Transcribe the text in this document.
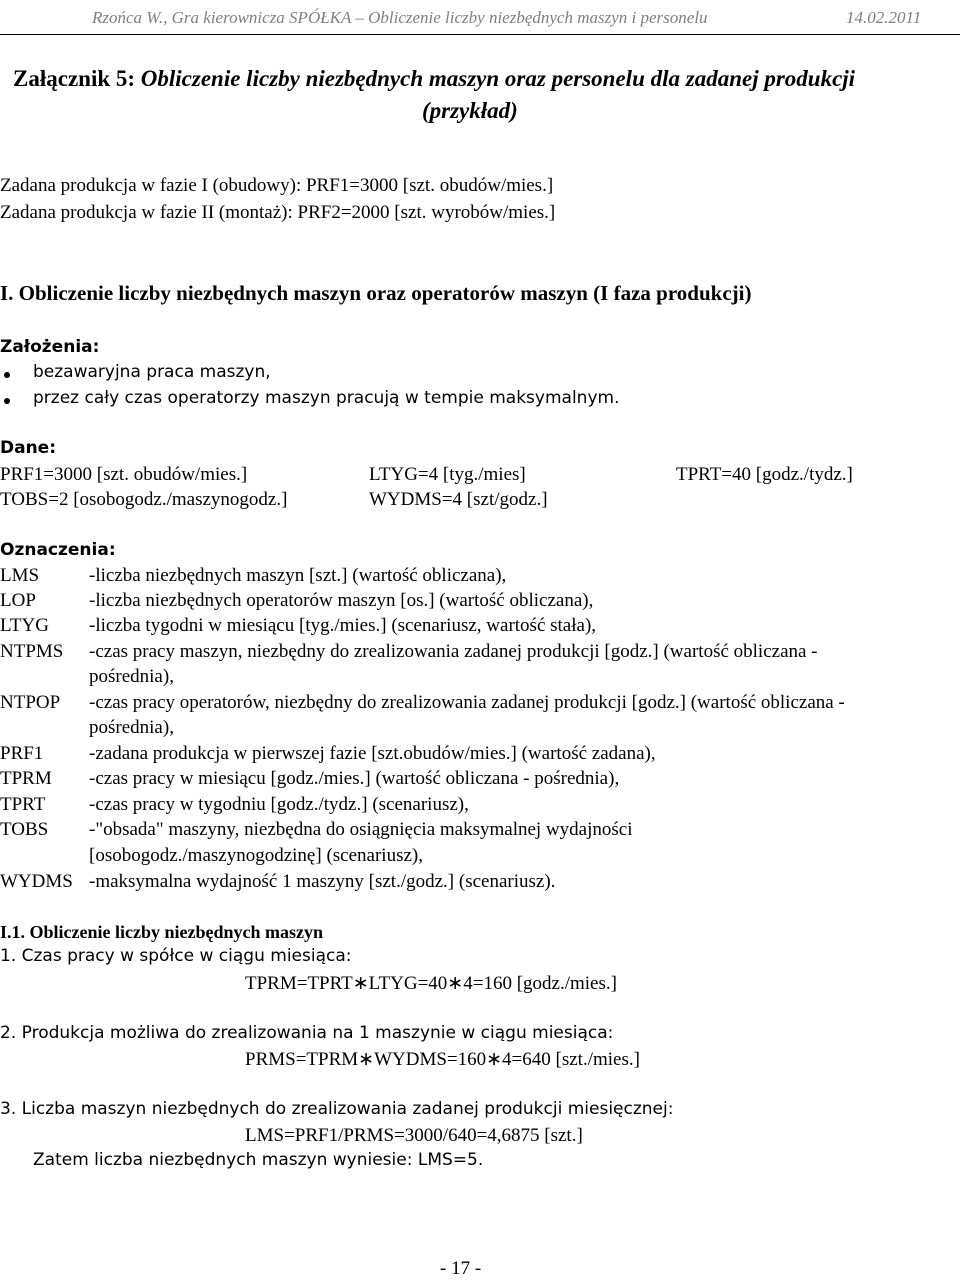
Rzońca W., Gra kierownicza SPÓŁKA – Obliczenie liczby niezbędnych maszyn i personelu	14.02.2011
Załącznik 5: Obliczenie liczby niezbędnych maszyn oraz personelu dla zadanej produkcji
(przykład)
Zadana produkcja w fazie I (obudowy): PRF1=3000 [szt. obudów/mies.]
Zadana produkcja w fazie II (montaż): PRF2=2000 [szt. wyrobów/mies.]
I. Obliczenie liczby niezbędnych maszyn oraz operatorów maszyn (I faza produkcji)
Założenia:
bezawaryjna praca maszyn,
przez cały czas operatorzy maszyn pracują w tempie maksymalnym.
Dane:
PRF1=3000 [szt. obudów/mies.]	LTYG=4 [tyg./mies]	TPRT=40 [godz./tydz.]
TOBS=2 [osobogodz./maszynogodz.]	WYDMS=4 [szt/godz.]
Oznaczenia:
LMS	-liczba niezbędnych maszyn [szt.] (wartość obliczana),
LOP	-liczba niezbędnych operatorów maszyn [os.] (wartość obliczana),
LTYG -liczba tygodni w miesiącu [tyg./mies.] (scenariusz, wartość stała),
NTPMS -czas pracy maszyn, niezbędny do zrealizowania zadanej produkcji [godz.] (wartość obliczana -
pośrednia),
NTPOP -czas pracy operatorów, niezbędny do zrealizowania zadanej produkcji [godz.] (wartość obliczana -
pośrednia),
PRF1 -zadana produkcja w pierwszej fazie [szt.obudów/mies.] (wartość zadana),
TPRM -czas pracy w miesiącu [godz./mies.] (wartość obliczana - pośrednia),
TPRT -czas pracy w tygodniu [godz./tydz.] (scenariusz),
TOBS -"obsada" maszyny, niezbędna do osiągnięcia maksymalnej wydajności
[osobogodz./maszynogodzinę] (scenariusz),
WYDMS -maksymalna wydajność 1 maszyny [szt./godz.] (scenariusz).
I.1. Obliczenie liczby niezbędnych maszyn
1. Czas pracy w spółce w ciągu miesiąca:
TPRM=TPRT∗LTYG=40∗4=160 [godz./mies.]
2. Produkcja możliwa do zrealizowania na 1 maszynie w ciągu miesiąca:
PRMS=TPRM∗WYDMS=160∗4=640 [szt./mies.]
3. Liczba maszyn niezbędnych do zrealizowania zadanej produkcji miesięcznej:
LMS=PRF1/PRMS=3000/640=4,6875 [szt.]
Zatem liczba niezbędnych maszyn wyniesie: LMS=5.
- 17 -
